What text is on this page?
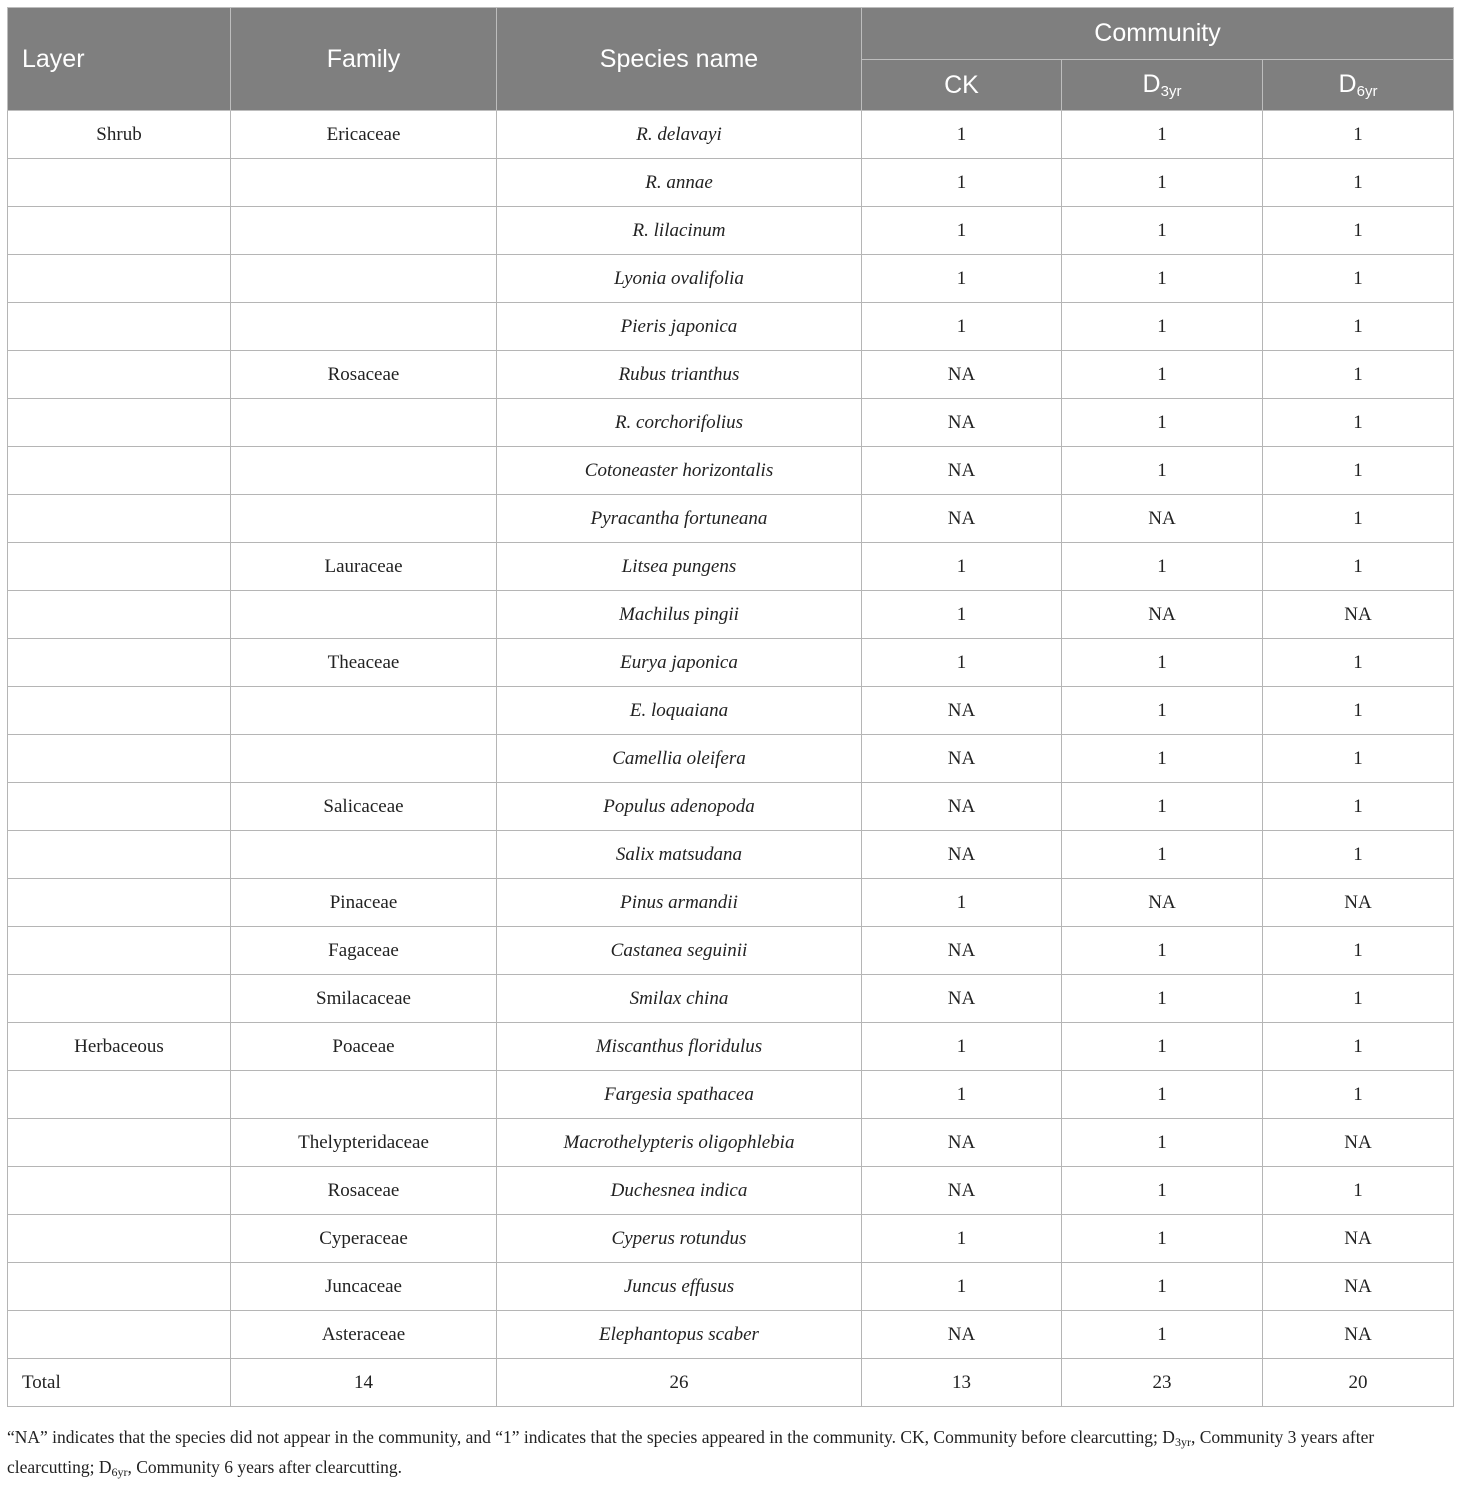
Layer	Family	Species name	Community		
			CK	$D_{3yr}$	$D_{6yr}$
Shrub	Ericaceae	R. delavayi	1	1	1
		R. annae	1	1	1
		R. lilacinum	1	1	1
		Lyonia ovalifolia	1	1	1
		Pieris japonica	1	1	1
	Rosaceae	Rubus trianthus	NA	1	1
		R. corchorifolius	NA	1	1
		Cotoneaster horizontalis	NA	1	1
		Pyracantha fortuneana	NA	NA	1
	Lauraceae	Litsea pungens	1	1	1
		Machilus pingii	1	NA	NA
	Theaceae	Eurya japonica	1	1	1
		E. loquaiana	NA	1	1
		Camellia oleifera	NA	1	1
	Salicaceae	Populus adenopoda	NA	1	1
		Salix matsudana	NA	1	1
	Pinaceae	Pinus armandii	1	NA	NA
	Fagaceae	Castanea seguinii	NA	1	1
	Smilacaceae	Smilax china	NA	1	1
Herbaceous	Poaceae	Miscanthus floridulus	1	1	1
		Fargesia spathacea	1	1	1
	Thelypteridaceae	Macrothelypteris oligophlebia	NA	1	NA
	Rosaceae	Duchesnea indica	NA	1	1
	Cyperaceae	Cyperus rotundus	1	1	NA
	Juncaceae	Juncus effusus	1	1	NA
	Asteraceae	Elephantopus scaber	NA	1	NA
Total	14	26	13	23	20
“NA” indicates that the species did not appear in the community, and “1” indicates that the species appeared in the community. CK, Community before clearcutting; $D_{3yr}$, Community 3 years after clearcutting; $D_{6yr}$, Community 6 years after clearcutting.
